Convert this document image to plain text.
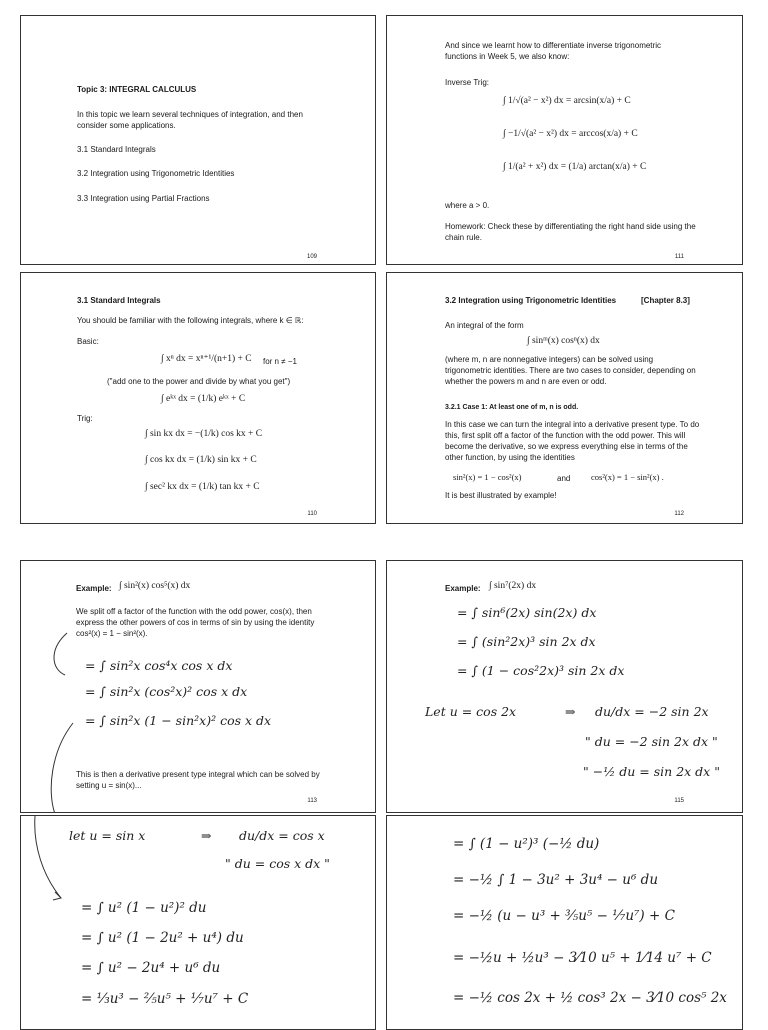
Topic 3: INTEGRAL CALCULUS
In this topic we learn several techniques of integration, and then consider some applications.
3.1 Standard Integrals
3.2 Integration using Trigonometric Identities
3.3 Integration using Partial Fractions
109
And since we learnt how to differentiate inverse trigonometric functions in Week 5, we also know:
Inverse Trig:
∫ 1/√(a² − x²) dx = arcsin(x/a) + C
∫ −1/√(a² − x²) dx = arccos(x/a) + C
∫ 1/(a² + x²) dx = (1/a) arctan(x/a) + C
where a > 0.
Homework: Check these by differentiating the right hand side using the chain rule.
111
3.1 Standard Integrals
You should be familiar with the following integrals, where k ∈ ℝ:
Basic:
∫ xⁿ dx = xⁿ⁺¹/(n+1) + C for n ≠ −1
("add one to the power and divide by what you get")
∫ eᵏˣ dx = (1/k) eᵏˣ + C
Trig:
∫ sin kx dx = −(1/k) cos kx + C
∫ cos kx dx = (1/k) sin kx + C
∫ sec² kx dx = (1/k) tan kx + C
110
3.2 Integration using Trigonometric Identities	[Chapter 8.3]
An integral of the form
∫ sinᵐ(x) cosⁿ(x) dx
(where m, n are nonnegative integers) can be solved using trigonometric identities. There are two cases to consider, depending on whether the powers m and n are even or odd.
3.2.1 Case 1: At least one of m, n is odd.
In this case we can turn the integral into a derivative present type. To do this, first split off a factor of the function with the odd power. This will become the derivative, so we express everything else in terms of the other function, by using the identities
sin²(x) = 1 − cos²(x)	and cos²(x) = 1 − sin²(x) .
It is best illustrated by example!
112
Example: ∫ sin²(x) cos⁵(x) dx
We split off a factor of the function with the odd power, cos(x), then express the other powers of cos in terms of sin by using the identity cos²(x) = 1 − sin²(x).
= ∫ sin²x cos⁴x cos x dx
= ∫ sin²x (cos²x)² cos x dx
= ∫ sin²x (1 − sin²x)² cos x dx
This is then a derivative present type integral which can be solved by setting u = sin(x)...
113
Example: ∫ sin⁷(2x) dx
= ∫ sin⁶(2x) sin(2x) dx
= ∫ (sin²2x)³ sin 2x dx
= ∫ (1 − cos²2x)³ sin 2x dx
Let u = cos 2x	⇒ du/dx = −2 sin 2x
" du = −2 sin 2x dx "
" −½ du = sin 2x dx "
115
let u = sin x	⇒ du/dx = cos x
" du = cos x dx "
= ∫ u² (1 − u²)² du
= ∫ u² (1 − 2u² + u⁴) du
= ∫ u² − 2u⁴ + u⁶ du
= ⅓u³ − ⅖u⁵ + ⅐u⁷ + C
= ∫ (1 − u²)³ (−½ du)
= −½ ∫ 1 − 3u² + 3u⁴ − u⁶ du
= −½ (u − u³ + ⅗u⁵ − ⅐u⁷) + C
= −½u + ½u³ − 3⁄10 u⁵ + 1⁄14 u⁷ + C
= −½ cos 2x + ½ cos³ 2x − 3⁄10 cos⁵ 2x
